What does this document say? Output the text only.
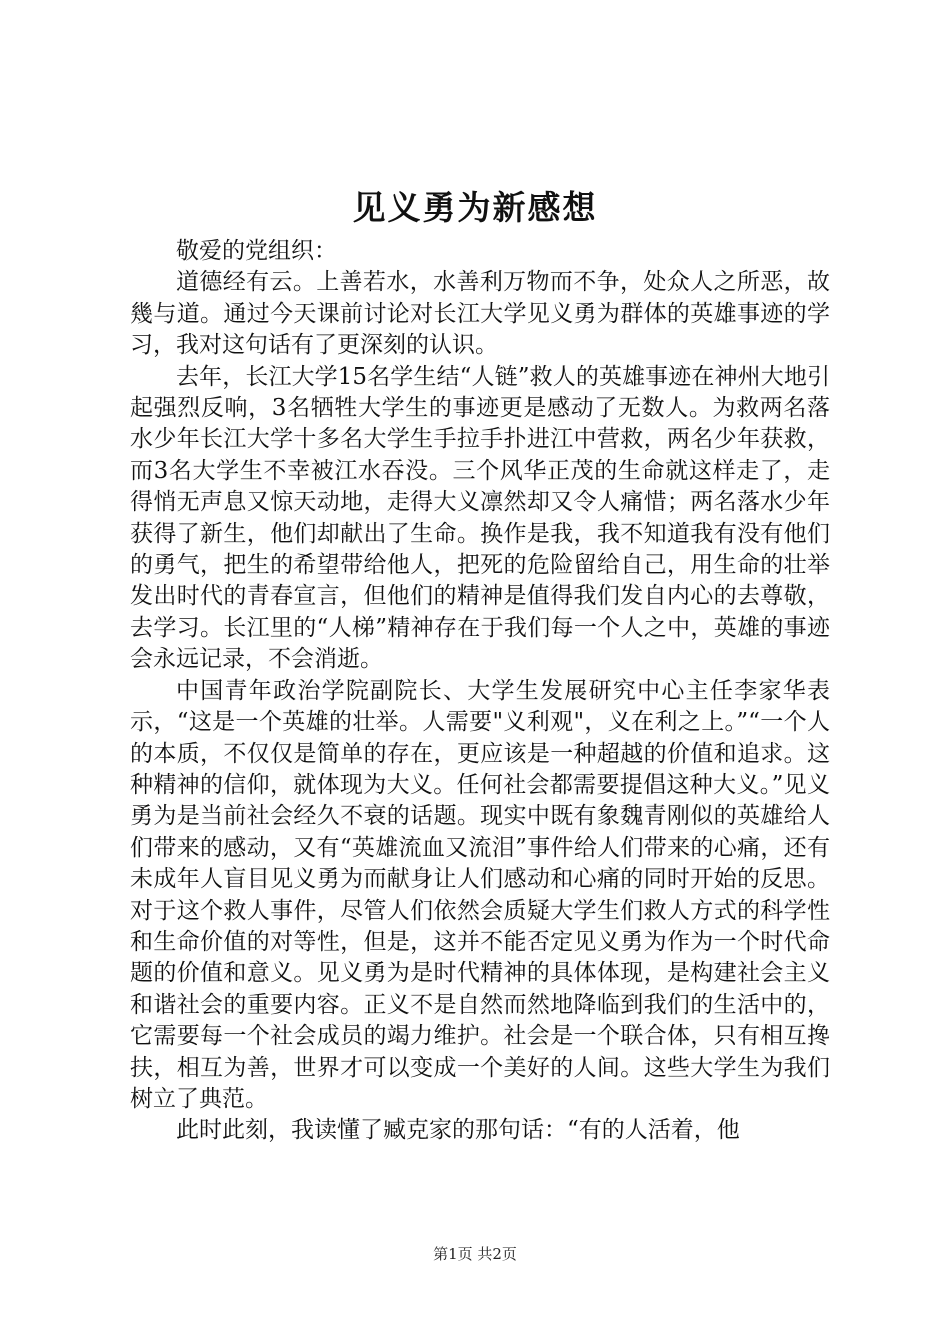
见义勇为新感想

敬爱的党组织：

道德经有云。上善若水，水善利万物而不争，处众人之所恶，故幾与道。通过今天课前讨论对长江大学见义勇为群体的英雄事迹的学习，我对这句话有了更深刻的认识。

去年，长江大学15名学生结“人链”救人的英雄事迹在神州大地引起强烈反响，3名牺牲大学生的事迹更是感动了无数人。为救两名落水少年长江大学十多名大学生手拉手扑进江中营救，两名少年获救，而3名大学生不幸被江水吞没。三个风华正茂的生命就这样走了，走得悄无声息又惊天动地，走得大义凛然却又令人痛惜；两名落水少年获得了新生，他们却献出了生命。换作是我，我不知道我有没有他们的勇气，把生的希望带给他人，把死的危险留给自己，用生命的壮举发出时代的青春宣言，但他们的精神是值得我们发自内心的去尊敬，去学习。长江里的“人梯”精神存在于我们每一个人之中，英雄的事迹会永远记录，不会消逝。

中国青年政治学院副院长、大学生发展研究中心主任李家华表示，“这是一个英雄的壮举。人需要"义利观"，义在利之上。”“一个人的本质，不仅仅是简单的存在，更应该是一种超越的价值和追求。这种精神的信仰，就体现为大义。任何社会都需要提倡这种大义。”见义勇为是当前社会经久不衰的话题。现实中既有象魏青刚似的英雄给人们带来的感动，又有“英雄流血又流泪”事件给人们带来的心痛，还有未成年人盲目见义勇为而献身让人们感动和心痛的同时开始的反思。对于这个救人事件，尽管人们依然会质疑大学生们救人方式的科学性和生命价值的对等性，但是，这并不能否定见义勇为作为一个时代命题的价值和意义。见义勇为是时代精神的具体体现，是构建社会主义和谐社会的重要内容。正义不是自然而然地降临到我们的生活中的，它需要每一个社会成员的竭力维护。社会是一个联合体，只有相互搀扶，相互为善，世界才可以变成一个美好的人间。这些大学生为我们树立了典范。

此时此刻，我读懂了臧克家的那句话：“有的人活着，他

第1页 共2页
